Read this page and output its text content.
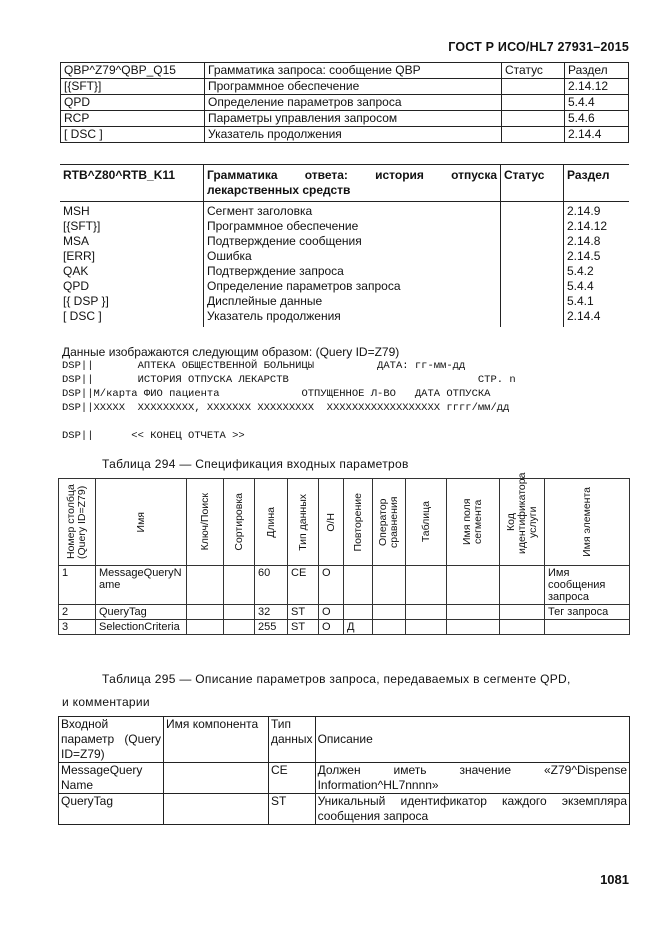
ГОСТ Р ИСО/HL7 27931–2015
QBP^Z79^QBP_Q15	Грамматика запроса: сообщение QBP	Статус	Раздел
[{SFT}]	Программное обеспечение		2.14.12
QPD	Определение параметров запроса		5.4.4
RCP	Параметры управления запросом		5.4.6
[ DSC ]	Указатель продолжения		2.14.4
RTB^Z80^RTB_K11	Грамматика ответа: история отпуска лекарственных средств	Статус	Раздел
MSH	Сегмент заголовка		2.14.9
[{SFT}]	Программное обеспечение		2.14.12
MSA	Подтверждение сообщения		2.14.8
[ERR]	Ошибка		2.14.5
QAK	Подтверждение запроса		5.4.2
QPD	Определение параметров запроса		5.4.4
[{ DSP }]	Дисплейные данные		5.4.1
[ DSC ]	Указатель продолжения		2.14.4
Данные изображаются следующим образом: (Query ID=Z79)
DSP||       АПТЕКА ОБЩЕСТВЕННОЙ БОЛЬНИЦЫ          ДАТА: гг-мм-дд
DSP||       ИСТОРИЯ ОТПУСКА ЛЕКАРСТВ                              СТР. n
DSP||М/карта ФИО пациента             ОТПУЩЕННОЕ Л-ВО   ДАТА ОТПУСКА
DSP||XXXXX  XXXXXXXXX, XXXXXXX XXXXXXXXX  XXXXXXXXXXXXXXXXXX гггг/мм/дд
DSP||      << КОНЕЦ ОТЧЕТА >>
Таблица 294 — Спецификация входных параметров
Номер столбца (Query ID=Z79)	Имя	Ключ/Поиск	Сортировка	Длина	Тип данных	О/Н	Повторение	Оператор сравнения	Таблица	Имя поля сегмента	Код идентификатора услуги	Имя элемента

1	MessageQueryName			60	CE	O						Имя сообщения запроса
2	QueryTag			32	ST	O						Тег запроса
3	SelectionCriteria			255	ST	O	Д					
Таблица 295 — Описание параметров запроса, передаваемых в сегменте QPD,
и комментарии
Входной параметр (Query ID=Z79)	Имя компонента	Тип данных	Описание
MessageQuery Name		CE	Должен иметь значение «Z79^Dispense Information^HL7nnnn»
QueryTag		ST	Уникальный идентификатор каждого экземпляра сообщения запроса
1081
